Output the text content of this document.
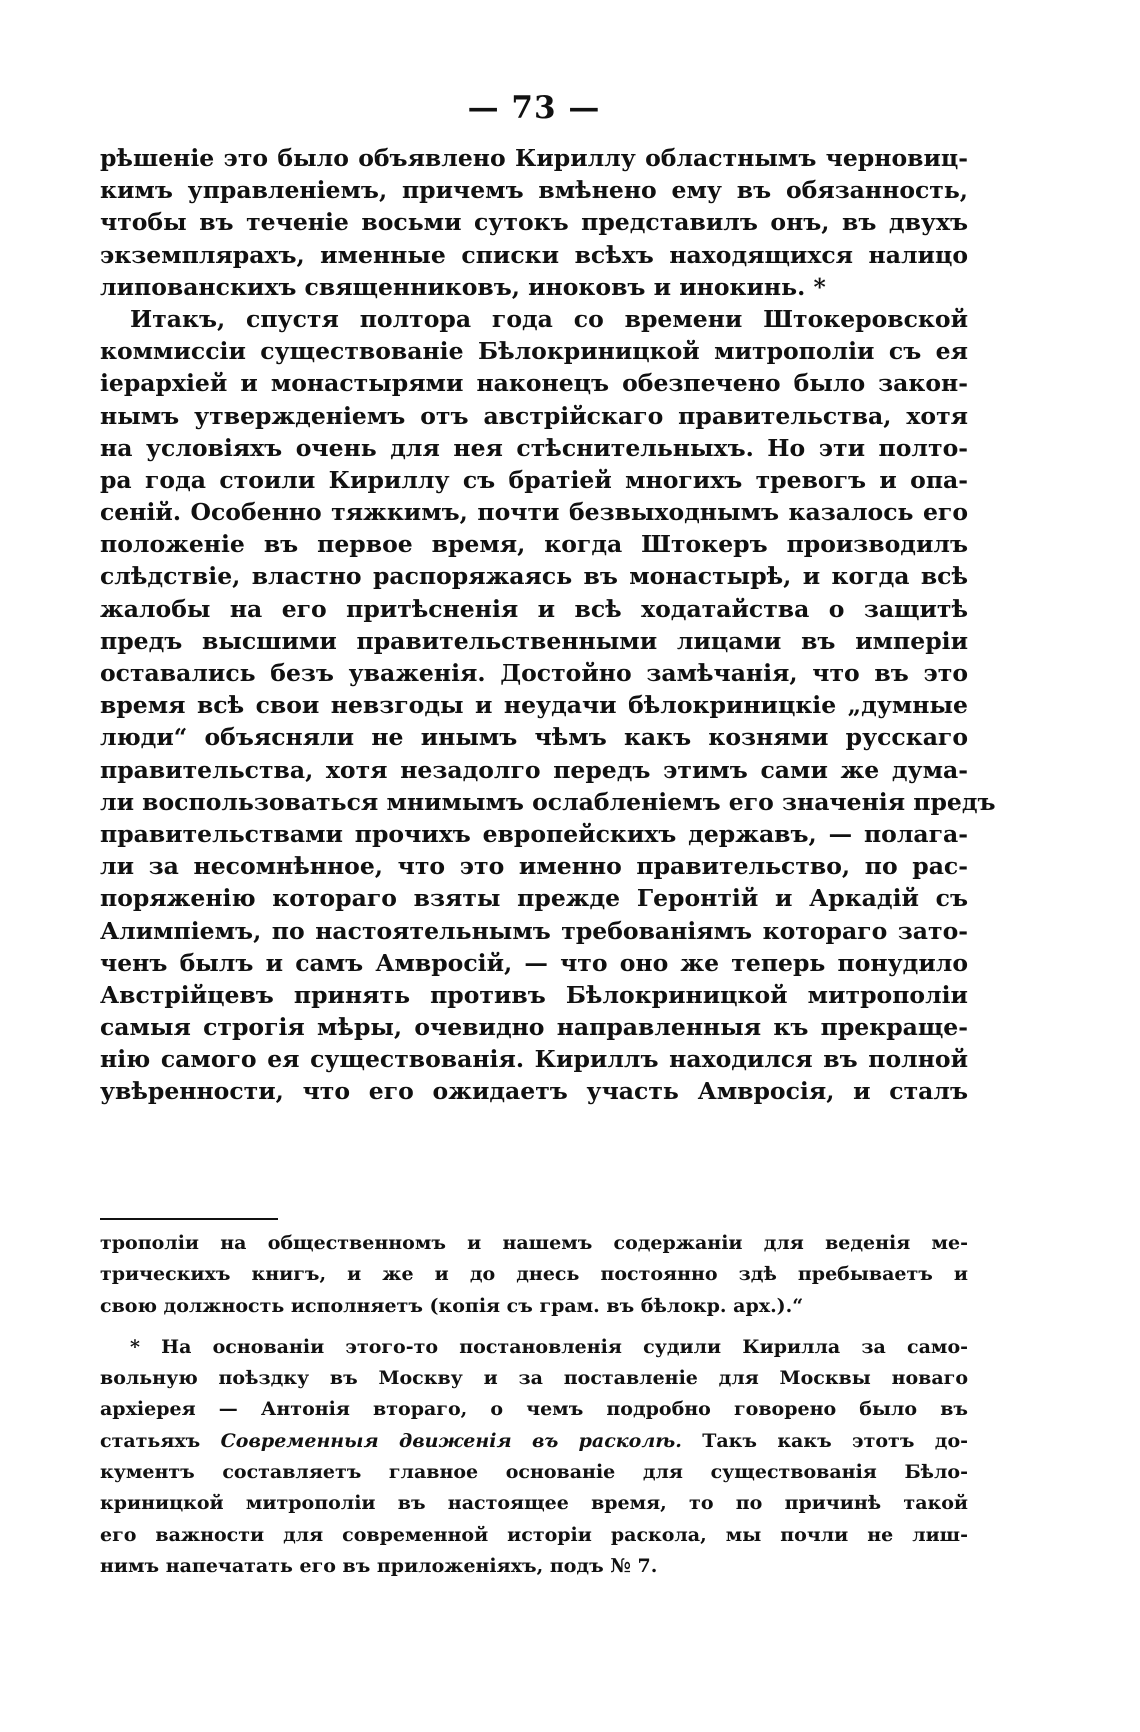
— 73 —
рѣшеніе это было объявлено Кириллу областнымъ черновиц-
кимъ управленіемъ, причемъ вмѣнено ему въ обязанность,
чтобы въ теченіе восьми сутокъ представилъ онъ, въ двухъ
экземплярахъ, именные списки всѣхъ находящихся налицо
липованскихъ священниковъ, иноковъ и инокинь. *
Итакъ, спустя полтора года со времени Штокеровской
коммиссіи существованіе Бѣлокриницкой митрополіи съ ея
іерархіей и монастырями наконецъ обезпечено было закон-
нымъ утвержденіемъ отъ австрійскаго правительства, хотя
на условіяхъ очень для нея стѣснительныхъ. Но эти полто-
ра года стоили Кириллу съ братіей многихъ тревогъ и опа-
сеній. Особенно тяжкимъ, почти безвыходнымъ казалось его
положеніе въ первое время, когда Штокеръ производилъ
слѣдствіе, властно распоряжаясь въ монастырѣ, и когда всѣ
жалобы на его притѣсненія и всѣ ходатайства о защитѣ
предъ высшими правительственными лицами въ имперіи
оставались безъ уваженія. Достойно замѣчанія, что въ это
время всѣ свои невзгоды и неудачи бѣлокриницкіе „думные
люди“ объясняли не инымъ чѣмъ какъ кознями русскаго
правительства, хотя незадолго передъ этимъ сами же дума-
ли воспользоваться мнимымъ ослабленіемъ его значенія предъ
правительствами прочихъ европейскихъ державъ, — полага-
ли за несомнѣнное, что это именно правительство, по рас-
поряженію котораго взяты прежде Геронтій и Аркадій съ
Алимпіемъ, по настоятельнымъ требованіямъ котораго зато-
ченъ былъ и самъ Амвросій, — что оно же теперь понудило
Австрійцевъ принять противъ Бѣлокриницкой митрополіи
самыя строгія мѣры, очевидно направленныя къ прекраще-
нію самого ея существованія. Кириллъ находился въ полной
увѣренности, что его ожидаетъ участь Амвросія, и сталъ
трополіи на общественномъ и нашемъ содержаніи для веденія ме-
трическихъ книгъ, и же и до днесь постоянно здѣ пребываетъ и
свою должность исполняетъ (копія съ грам. въ бѣлокр. арх.).“
* На основаніи этого-то постановленія судили Кирилла за само-
вольную поѣздку въ Москву и за поставленіе для Москвы новаго
архіерея — Антонія втораго, о чемъ подробно говорено было въ
статьяхъ Современныя движенія въ расколѣ. Такъ какъ этотъ до-
кументъ составляетъ главное основаніе для существованія Бѣло-
криницкой митрополіи въ настоящее время, то по причинѣ такой
его важности для современной исторіи раскола, мы почли не лиш-
нимъ напечатать его въ приложеніяхъ, подъ № 7.
